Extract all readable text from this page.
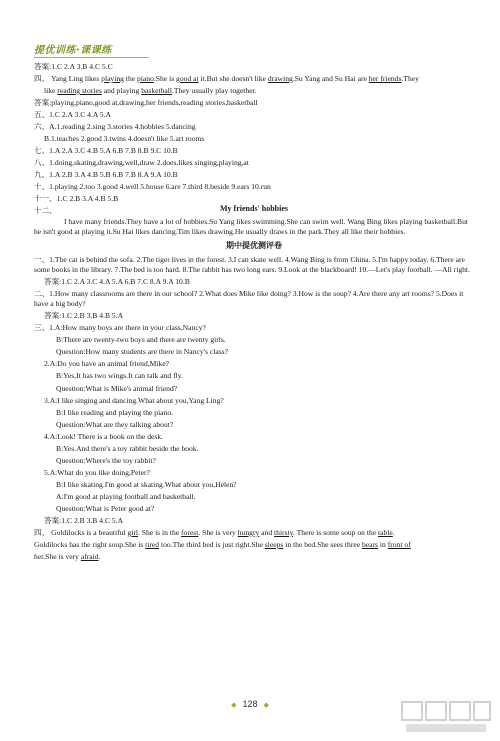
提优训练·课课练

答案:1.C 2.A 3.B 4.C 5.C

四、 Yang Ling likes playing the piano.She is good at it.But she doesn't like drawing.Su Yang and Su Hai are her friends.They

like reading stories and playing basketball.They usually play together.

答案:playing,piano,good at,drawing,her friends,reading stories,basketball

五、1.C 2.A 3.C 4.A 5.A

六、A.1.reading 2.sing 3.stories 4.hobbies 5.dancing

B.1.teaches 2.good 3.twins 4.doesn't like 5.art rooms

七、1.A 2.A 3.C 4.B 5.A 6.B 7.B 8.B 9.C 10.B

八、1.doing,skating,drawing,well,draw 2.does,likes singing,playing,at

九、1.A 2.B 3.A 4.B 5.B 6.B 7.B 8.A 9.A 10.B

十、1.playing 2.too 3.good 4.well 5.house 6.are 7.third 8.beside 9.ears 10.run

十一、1.C 2.B 3.A 4.B 5.B

十二、	My friends' hobbies

I have many friends.They have a lot of hobbies.Su Yang likes swimming.She can swim well. Wang Bing likes playing basketball.But he isn't good at playing it.Su Hai likes dancing.Tim likes drawing.He usually draws in the park.They all like their hobbies.

期中提优测评卷

一、1.The cat is behind the sofa. 2.The tiger lives in the forest. 3.I can skate well. 4.Wang Bing is from China. 5.I'm happy today. 6.There are some books in the library. 7.The bed is too hard. 8.The rabbit has two long ears. 9.Look at the blackboard! 10.—Let's play football. —All right.

答案:1.C 2.A 3.C 4.A 5.A 6.B 7.C 8.A 9.A 10.B

二、1.How many classrooms are there in our school? 2.What does Mike like doing? 3.How is the soup? 4.Are there any art rooms? 5.Does it have a big body?

答案:1.C 2.B 3.B 4.B 5.A

三、1.A:How many boys are there in your class,Nancy?

B:There are twenty-two boys and there are twenty girls.

Question:How many students are there in Nancy's class?

2.A:Do you have an animal friend,Mike?

B:Yes,It has two wings.It can talk and fly.

Question:What is Mike's animal friend?

3.A:I like singing and dancing.What about you,Yang Ling?

B:I like reading and playing the piano.

Question:What are they talking about?

4.A:Look! There is a book on the desk.

B:Yes.And there's a toy rabbit beside the book.

Question:Where's the toy rabbit?

5.A:What do you like doing,Peter?

B:I like skating.I'm good at skating.What about you,Helen?

A:I'm good at playing football and basketball.

Question:What is Peter good at?

答案:1.C 2.B 3.B 4.C 5.A

四、 Goldilocks is a beautiful girl. She is in the forest. She is very hungry and thirsty. There is some soup on the table.

Goldilocks has the right soup.She is tired too.The third bed is just right.She sleeps in the bed.She sees three bears in front of

her.She is very afraid.

◆ 128 ◆
